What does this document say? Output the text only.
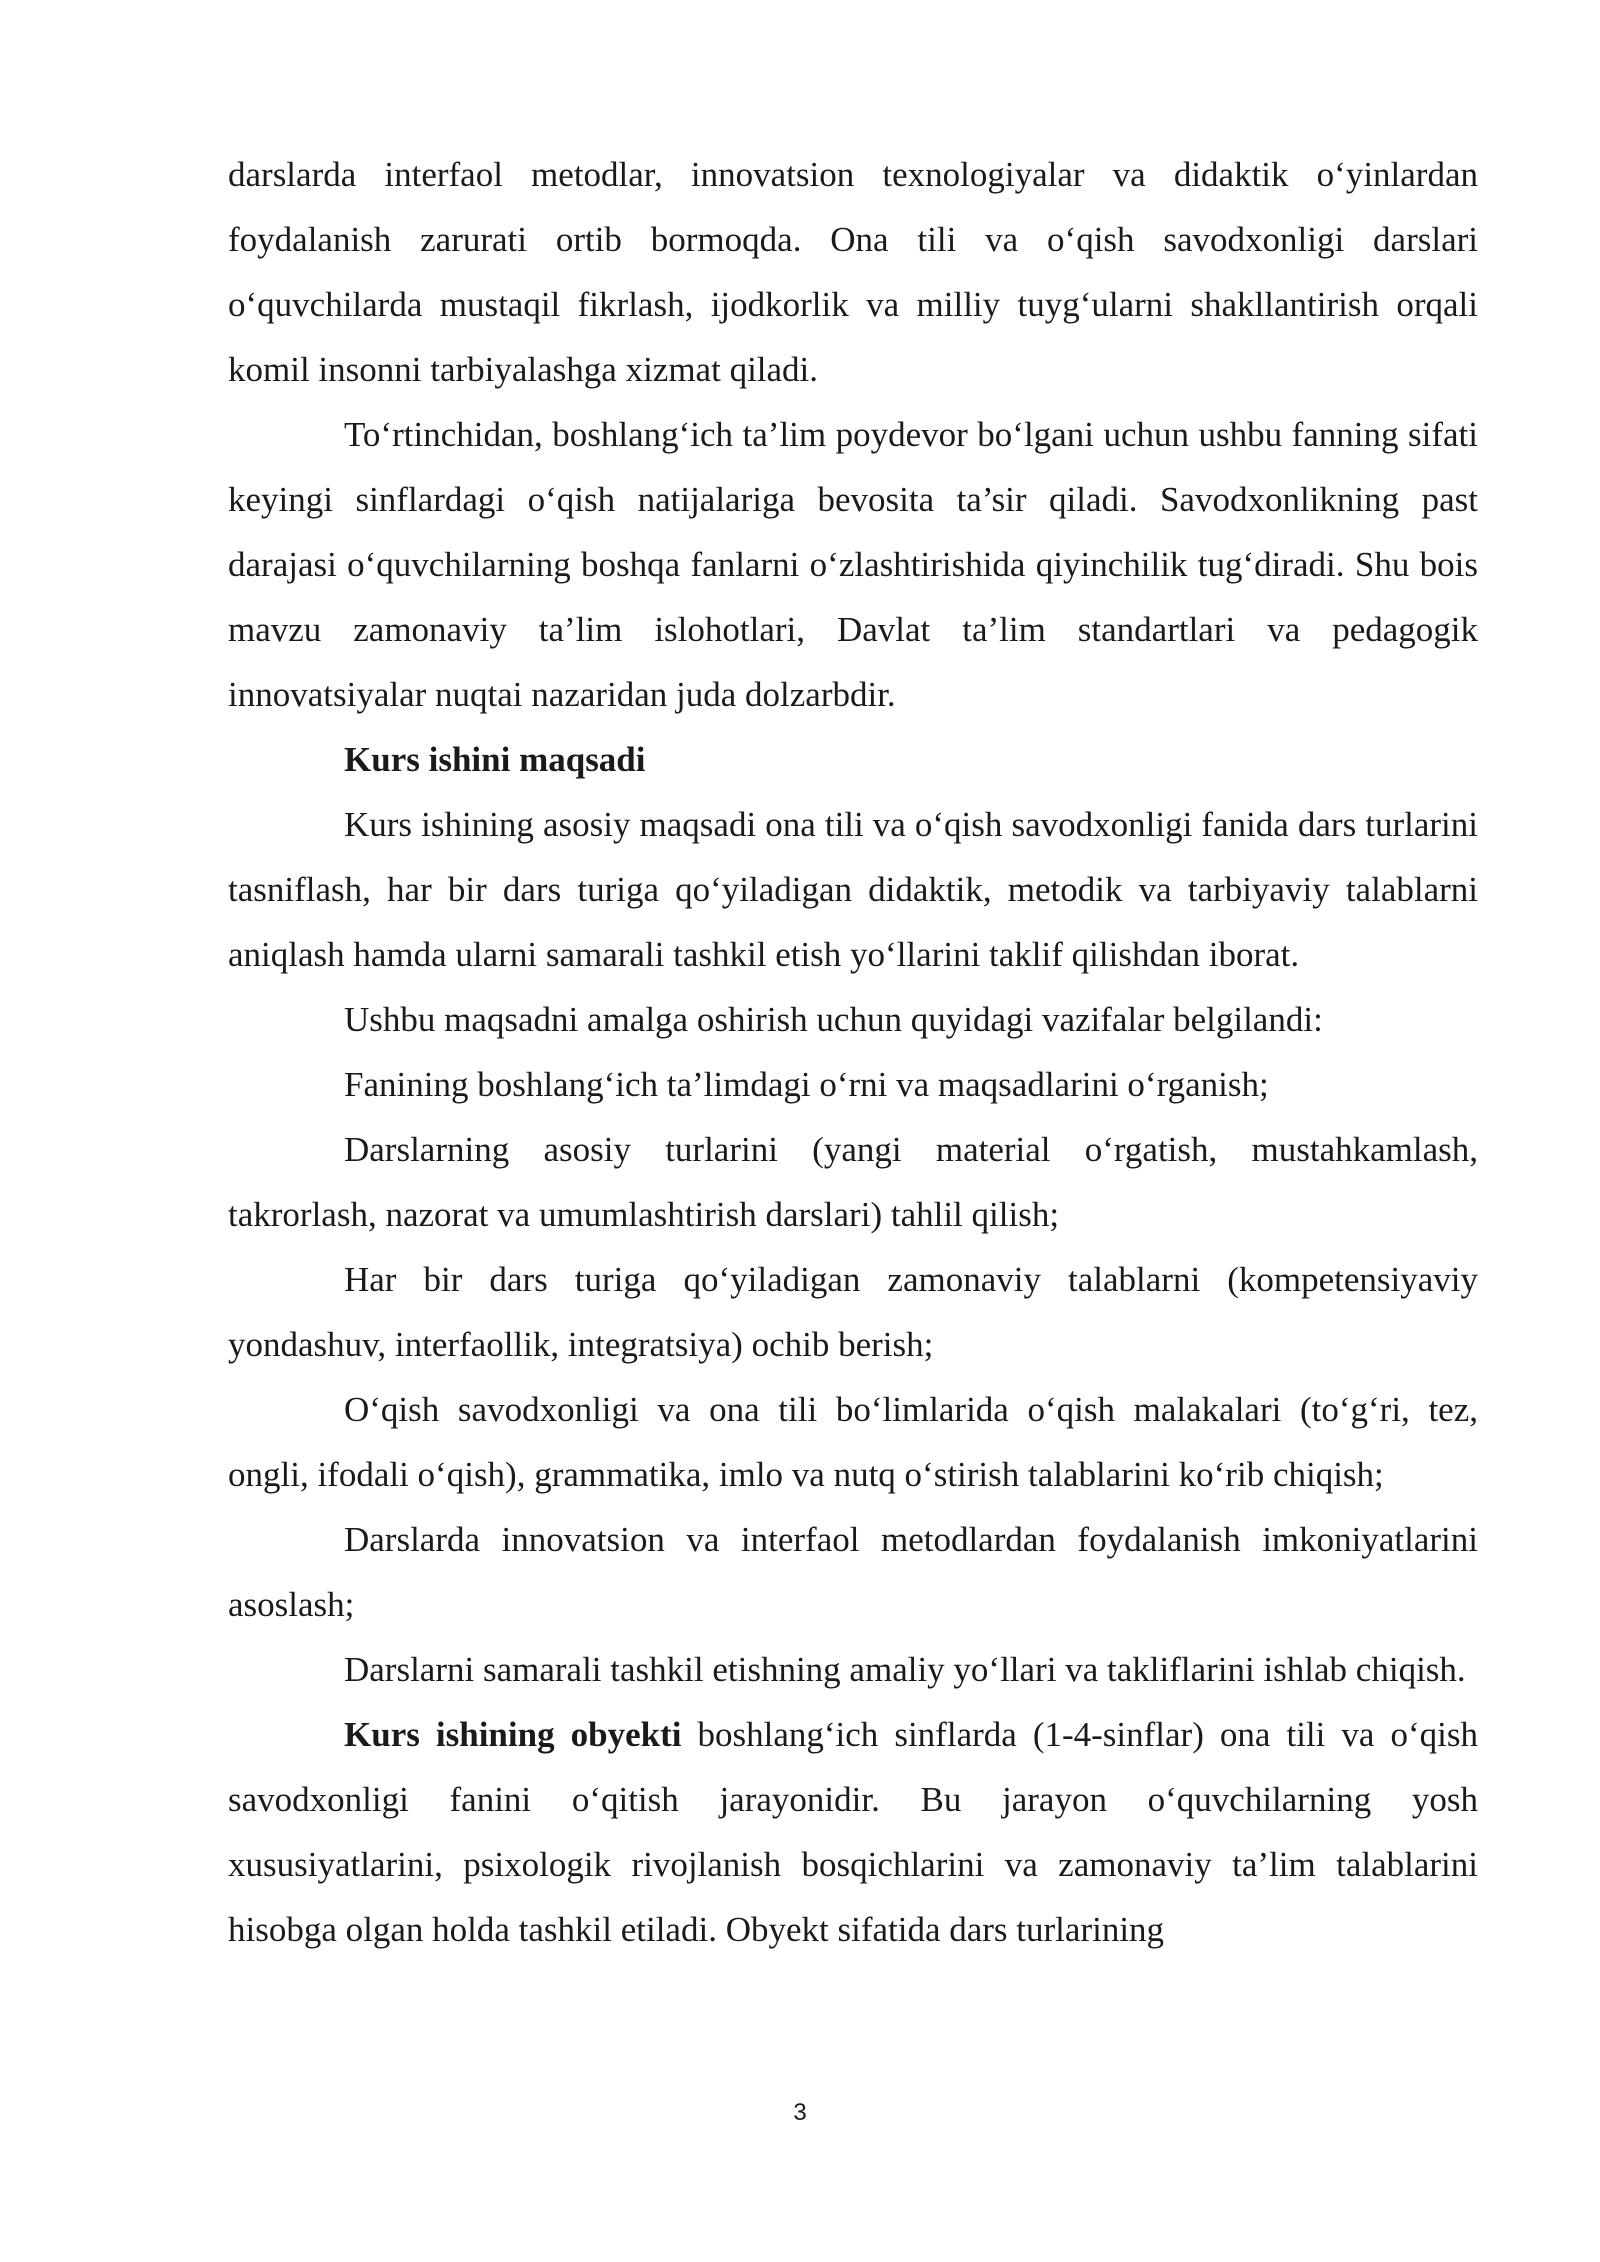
darslarda interfaol metodlar, innovatsion texnologiyalar va didaktik o‘yinlardan foydalanish zarurati ortib bormoqda. Ona tili va o‘qish savodxonligi darslari o‘quvchilarda mustaqil fikrlash, ijodkorlik va milliy tuyg‘ularni shakllantirish orqali komil insonni tarbiyalashga xizmat qiladi.

To‘rtinchidan, boshlang‘ich ta’lim poydevor bo‘lgani uchun ushbu fanning sifati keyingi sinflardagi o‘qish natijalariga bevosita ta’sir qiladi. Savodxonlikning past darajasi o‘quvchilarning boshqa fanlarni o‘zlashtirishida qiyinchilik tug‘diradi. Shu bois mavzu zamonaviy ta’lim islohotlari, Davlat ta’lim standartlari va pedagogik innovatsiyalar nuqtai nazaridan juda dolzarbdir.

Kurs ishini maqsadi

Kurs ishining asosiy maqsadi ona tili va o‘qish savodxonligi fanida dars turlarini tasniflash, har bir dars turiga qo‘yiladigan didaktik, metodik va tarbiyaviy talablarni aniqlash hamda ularni samarali tashkil etish yo‘llarini taklif qilishdan iborat.

Ushbu maqsadni amalga oshirish uchun quyidagi vazifalar belgilandi:

Fanining boshlang‘ich ta’limdagi o‘rni va maqsadlarini o‘rganish;

Darslarning asosiy turlarini (yangi material o‘rgatish, mustahkamlash, takrorlash, nazorat va umumlashtirish darslari) tahlil qilish;

Har bir dars turiga qo‘yiladigan zamonaviy talablarni (kompetensiyaviy yondashuv, interfaollik, integratsiya) ochib berish;

O‘qish savodxonligi va ona tili bo‘limlarida o‘qish malakalari (to‘g‘ri, tez, ongli, ifodali o‘qish), grammatika, imlo va nutq o‘stirish talablarini ko‘rib chiqish;

Darslarda innovatsion va interfaol metodlardan foydalanish imkoniyatlarini asoslash;

Darslarni samarali tashkil etishning amaliy yo‘llari va takliflarini ishlab chiqish.

Kurs ishining obyekti boshlang‘ich sinflarda (1-4-sinflar) ona tili va o‘qish savodxonligi fanini o‘qitish jarayonidir. Bu jarayon o‘quvchilarning yosh xususiyatlarini, psixologik rivojlanish bosqichlarini va zamonaviy ta’lim talablarini hisobga olgan holda tashkil etiladi. Obyekt sifatida dars turlarining

3
